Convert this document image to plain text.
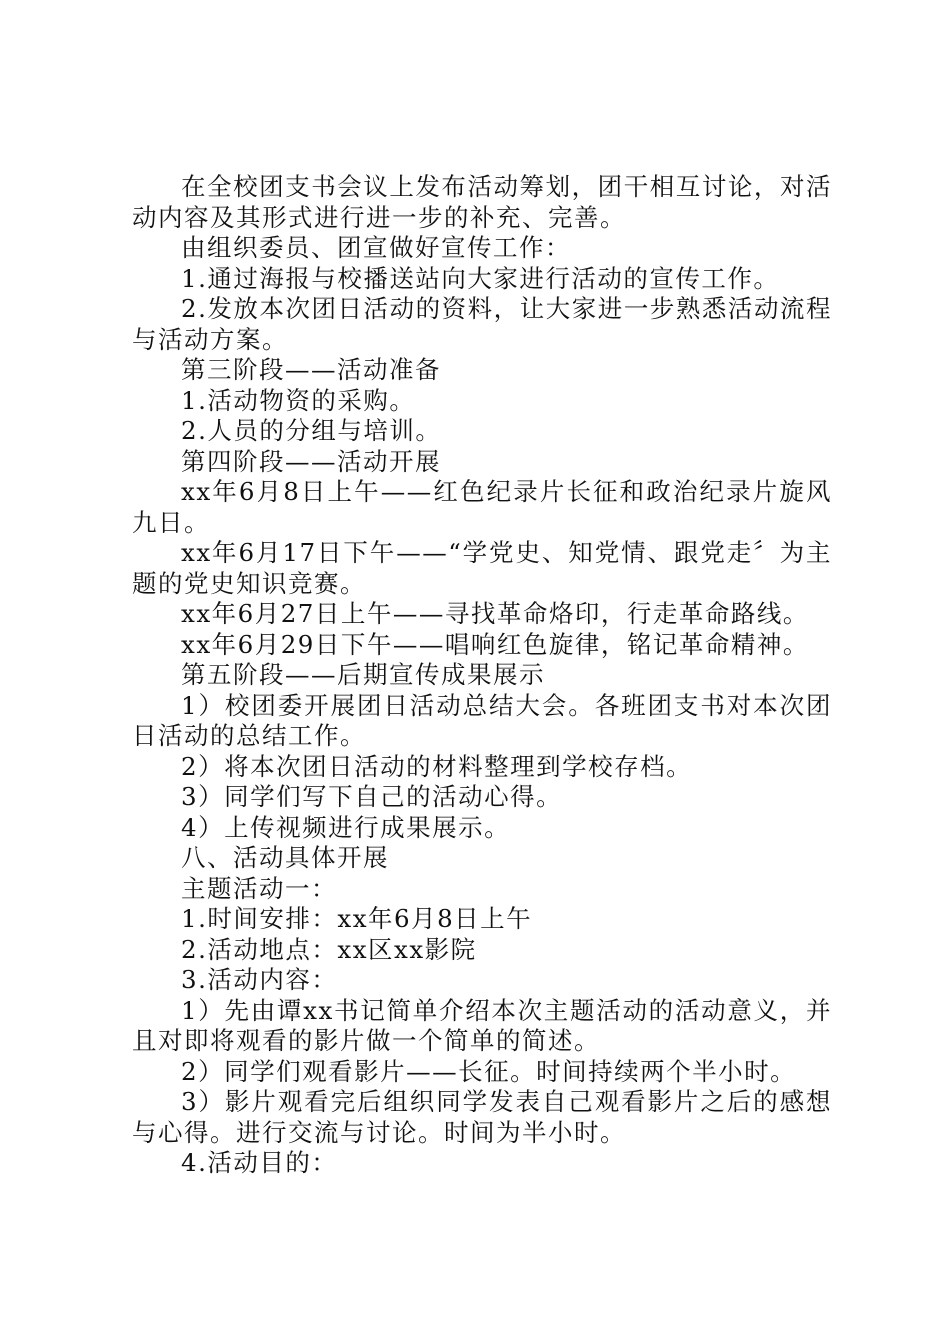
在全校团支书会议上发布活动筹划，团干相互讨论，对活动内容及其形式进行进一步的补充、完善。

由组织委员、团宣做好宣传工作：

1.通过海报与校播送站向大家进行活动的宣传工作。

2.发放本次团日活动的资料，让大家进一步熟悉活动流程与活动方案。

第三阶段——活动准备

1.活动物资的采购。

2.人员的分组与培训。

第四阶段——活动开展

xx年6月8日上午——红色纪录片长征和政治纪录片旋风九日。

xx年6月17日下午——“学党史、知党情、跟党走〞为主题的党史知识竞赛。

xx年6月27日上午——寻找革命烙印，行走革命路线。

xx年6月29日下午——唱响红色旋律，铭记革命精神。

第五阶段——后期宣传成果展示

1）校团委开展团日活动总结大会。各班团支书对本次团日活动的总结工作。

2）将本次团日活动的材料整理到学校存档。

3）同学们写下自己的活动心得。

4）上传视频进行成果展示。

八、活动具体开展

主题活动一：

1.时间安排：xx年6月8日上午

2.活动地点：xx区xx影院

3.活动内容：

1）先由谭xx书记简单介绍本次主题活动的活动意义，并且对即将观看的影片做一个简单的简述。

2）同学们观看影片——长征。时间持续两个半小时。

3）影片观看完后组织同学发表自己观看影片之后的感想与心得。进行交流与讨论。时间为半小时。

4.活动目的：
